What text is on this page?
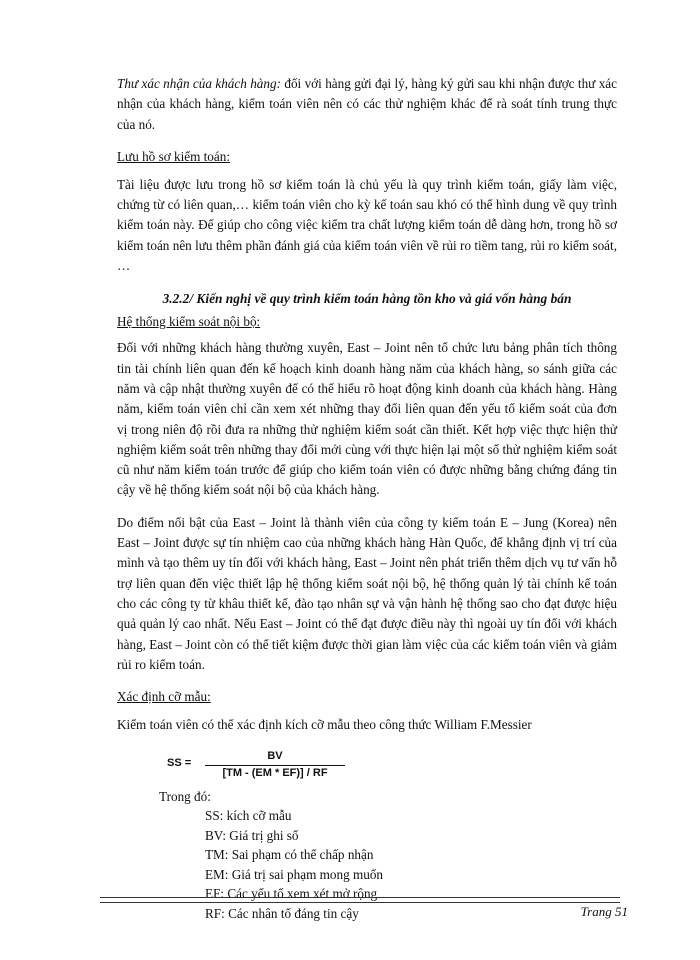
Thư xác nhận của khách hàng: đối với hàng gửi đại lý, hàng ký gửi sau khi nhận được thư xác nhận của khách hàng, kiểm toán viên nên có các thử nghiệm khác để rà soát tính trung thực của nó.

Lưu hồ sơ kiểm toán:

Tài liệu được lưu trong hồ sơ kiểm toán là chủ yếu là quy trình kiểm toán, giấy làm việc, chứng từ có liên quan,… kiểm toán viên cho kỳ kế toán sau khó có thể hình dung về quy trình kiểm toán này. Để giúp cho công việc kiểm tra chất lượng kiểm toán dễ dàng hơn, trong hồ sơ kiểm toán nên lưu thêm phần đánh giá của kiểm toán viên về rủi ro tiềm tang, rủi ro kiểm soát, …

3.2.2/ Kiến nghị về quy trình kiểm toán hàng tồn kho và giá vốn hàng bán
Hệ thống kiểm soát nội bộ:

Đối với những khách hàng thường xuyên, East – Joint nên tổ chức lưu bảng phân tích thông tin tài chính liên quan đến kế hoạch kinh doanh hàng năm của khách hàng, so sánh giữa các năm và cập nhật thường xuyên để có thể hiểu rõ hoạt động kinh doanh của khách hàng. Hàng năm, kiểm toán viên chỉ cần xem xét những thay đổi liên quan đến yếu tố kiểm soát của đơn vị trong niên độ rồi đưa ra những thử nghiệm kiểm soát cần thiết. Kết hợp việc thực hiện thử nghiệm kiểm soát trên những thay đổi mới cùng với thực hiện lại một số thử nghiệm kiểm soát cũ như năm kiểm toán trước để giúp cho kiểm toán viên có được những bằng chứng đáng tin cậy về hệ thống kiểm soát nội bộ của khách hàng.

Do điểm nổi bật của East – Joint là thành viên của công ty kiểm toán E – Jung (Korea) nên East – Joint được sự tín nhiệm cao của những khách hàng Hàn Quốc, để khẳng định vị trí của mình và tạo thêm uy tín đối với khách hàng, East – Joint nên phát triển thêm dịch vụ tư vấn hỗ trợ liên quan đến việc thiết lập hệ thống kiểm soát nội bộ, hệ thống quản lý tài chính kế toán cho các công ty từ khâu thiết kế, đào tạo nhân sự và vận hành hệ thống sao cho đạt được hiệu quả quản lý cao nhất. Nếu East – Joint có thể đạt được điều này thì ngoài uy tín đối với khách hàng, East – Joint còn có thể tiết kiệm được thời gian làm việc của các kiểm toán viên và giảm rủi ro kiểm toán.

Xác định cỡ mẫu:

Kiểm toán viên có thể xác định kích cỡ mẫu theo công thức William F.Messier

SS = $\frac{BV}{[TM - (EM * EF)] / RF}$
Trong đó:
SS: kích cỡ mẫu
BV: Giá trị ghi sổ
TM: Sai phạm có thể chấp nhận
EM: Giá trị sai phạm mong muốn
EF: Các yếu tố xem xét mở rộng
RF: Các nhân tố đáng tin cậy	Trang 51
